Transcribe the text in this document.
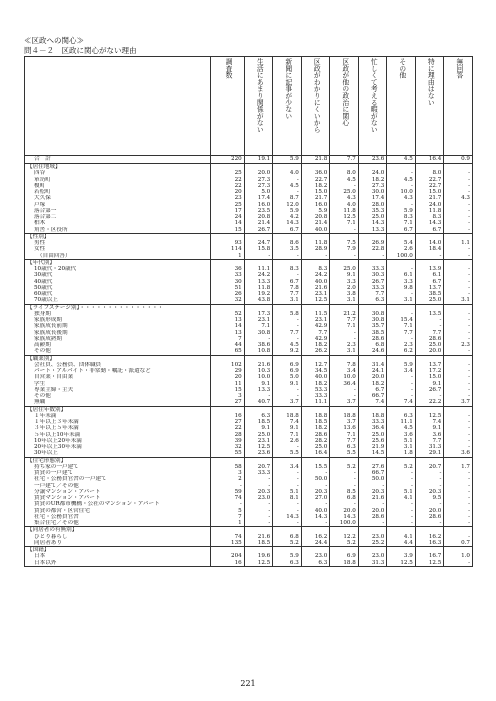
≪区政への関心≫
問４－２　区政に関心がない理由

	調査数	生活にあまり関係がない	新聞に記事が少ない	区政がわかりにくいから	区政が他の政治に関心	忙しくて考える暇がない	その他	特に理由はない	無回答

合　計	220	19.1	5.9	21.8	7.7	23.6	4.5	16.4	0.9
【居住地域】									
四谷	25	20.0	4.0	36.0	8.0	24.0	-	8.0	-
箪笥町	22	27.3	-	22.7	4.5	18.2	4.5	22.7	-
榎町	22	27.3	4.5	18.2	-	27.3	-	22.7	-
若松町	20	5.0	-	15.0	25.0	30.0	10.0	15.0	-
大久保	23	17.4	8.7	21.7	4.3	17.4	4.3	21.7	4.3
戸塚	25	16.0	12.0	16.0	4.0	28.0	-	24.0	-
落合第一	17	23.5	5.9	5.9	11.8	35.3	5.9	11.8	-
落合第二	24	20.8	4.2	20.8	12.5	25.0	8.3	8.3	-
柏木	14	21.4	14.3	21.4	7.1	14.3	7.1	14.3	-
角筈・区役所	15	26.7	6.7	40.0	-	13.3	6.7	6.7	-
【性別】									
男性	93	24.7	8.6	11.8	7.5	26.9	5.4	14.0	1.1
女性	114	15.8	3.5	28.9	7.9	22.8	2.6	18.4	-
（自由回答）	1	-	-	-	-	-	100.0	-	-
【年代別】									
10歳代・20歳代	36	11.1	8.3	8.3	25.0	33.3	-	13.9	-
30歳代	33	24.2	-	24.2	9.1	30.3	6.1	6.1	-
40歳代	30	13.3	6.7	40.0	3.3	26.7	3.3	6.7	-
50歳代	51	11.8	7.8	21.6	2.0	33.3	9.8	13.7	-
60歳代	26	19.2	7.7	23.1	3.8	7.7	-	38.5	-
70歳以上	32	43.8	3.1	12.5	3.1	6.3	3.1	25.0	3.1
【ライフステージ別】・・・・・・・・・・・・・・・									
独身期	52	17.3	5.8	11.5	21.2	30.8	-	13.5	-
家族形成期	13	23.1	-	23.1	7.7	30.8	15.4	-	-
家族成長前期	14	7.1	-	42.9	7.1	35.7	7.1	-	-
家族成長後期	13	30.8	7.7	7.7	-	38.5	7.7	7.7	-
家族成熟期	7	-	-	42.9	-	28.6	-	28.6	-
高齢期	44	38.6	4.5	18.2	2.3	6.8	2.3	25.0	2.3
その他	65	10.8	9.2	26.2	3.1	24.6	6.2	20.0	-
【職業別】									
会社員、公務員、団体職員	102	21.6	6.9	12.7	7.8	31.4	5.9	13.7	-
パート・アルバイト・非常勤・嘱託・派遣など	29	10.3	6.9	34.5	3.4	24.1	3.4	17.2	-
自営業・自由業	20	10.0	5.0	40.0	10.0	20.0	-	15.0	-
学生	11	9.1	9.1	18.2	36.4	18.2	-	9.1	-
専業主婦・主夫	15	13.3	-	53.3	-	6.7	-	26.7	-
その他	3	-	-	33.3	-	66.7	-	-	-
無職	27	40.7	3.7	11.1	3.7	7.4	7.4	22.2	3.7
【居住年数別】									
１年未満	16	6.3	18.8	18.8	18.8	18.8	6.3	12.5	-
１年以上３年未満	27	18.5	7.4	18.5	3.7	33.3	11.1	7.4	-
３年以上５年未満	22	9.1	9.1	18.2	13.6	36.4	4.5	9.1	-
５年以上10年未満	28	25.0	7.1	28.6	7.1	25.0	3.6	3.6	-
10年以上20年未満	39	23.1	2.6	28.2	7.7	25.6	5.1	7.7	-
20年以上30年未満	32	12.5	-	25.0	6.3	21.9	3.1	31.3	-
30年以上	55	23.6	5.5	16.4	5.5	14.5	1.8	29.1	3.6
【住宅形態別】									
持ち家の一戸建て	58	20.7	3.4	15.5	5.2	27.6	5.2	20.7	1.7
賃貸の一戸建て	3	33.3	-	-	-	66.7	-	-	-
社宅・公務員官舎の一戸建て	2	-	-	50.0	-	50.0	-	-	-
一戸建て／その他	-	-	-	-	-	-	-	-	-
分譲マンション・アパート	59	20.3	5.1	20.3	8.5	20.3	5.1	20.3	-
賃貸マンション・アパート	74	23.0	8.1	27.0	6.8	21.6	4.1	9.5	-
賃貸のUR都市機構・公社のマンション・アパート	-	-	-	-	-	-	-	-	-
賃貸の都営・区営住宅	5	-	-	40.0	20.0	20.0	-	20.0	-
社宅・公務員官舎	7	-	14.3	14.3	14.3	28.6	-	28.6	-
集合住宅／その他	1	-	-	-	100.0	-	-	-	-
【同居者の有無別】									
ひとり暮らし	74	21.6	6.8	16.2	12.2	23.0	4.1	16.2	-
同居者あり	135	18.5	5.2	24.4	5.2	25.2	4.4	16.3	0.7
【国籍】									
日本	204	19.6	5.9	23.0	6.9	23.0	3.9	16.7	1.0
日本以外	16	12.5	6.3	6.3	18.8	31.3	12.5	12.5	-
221
